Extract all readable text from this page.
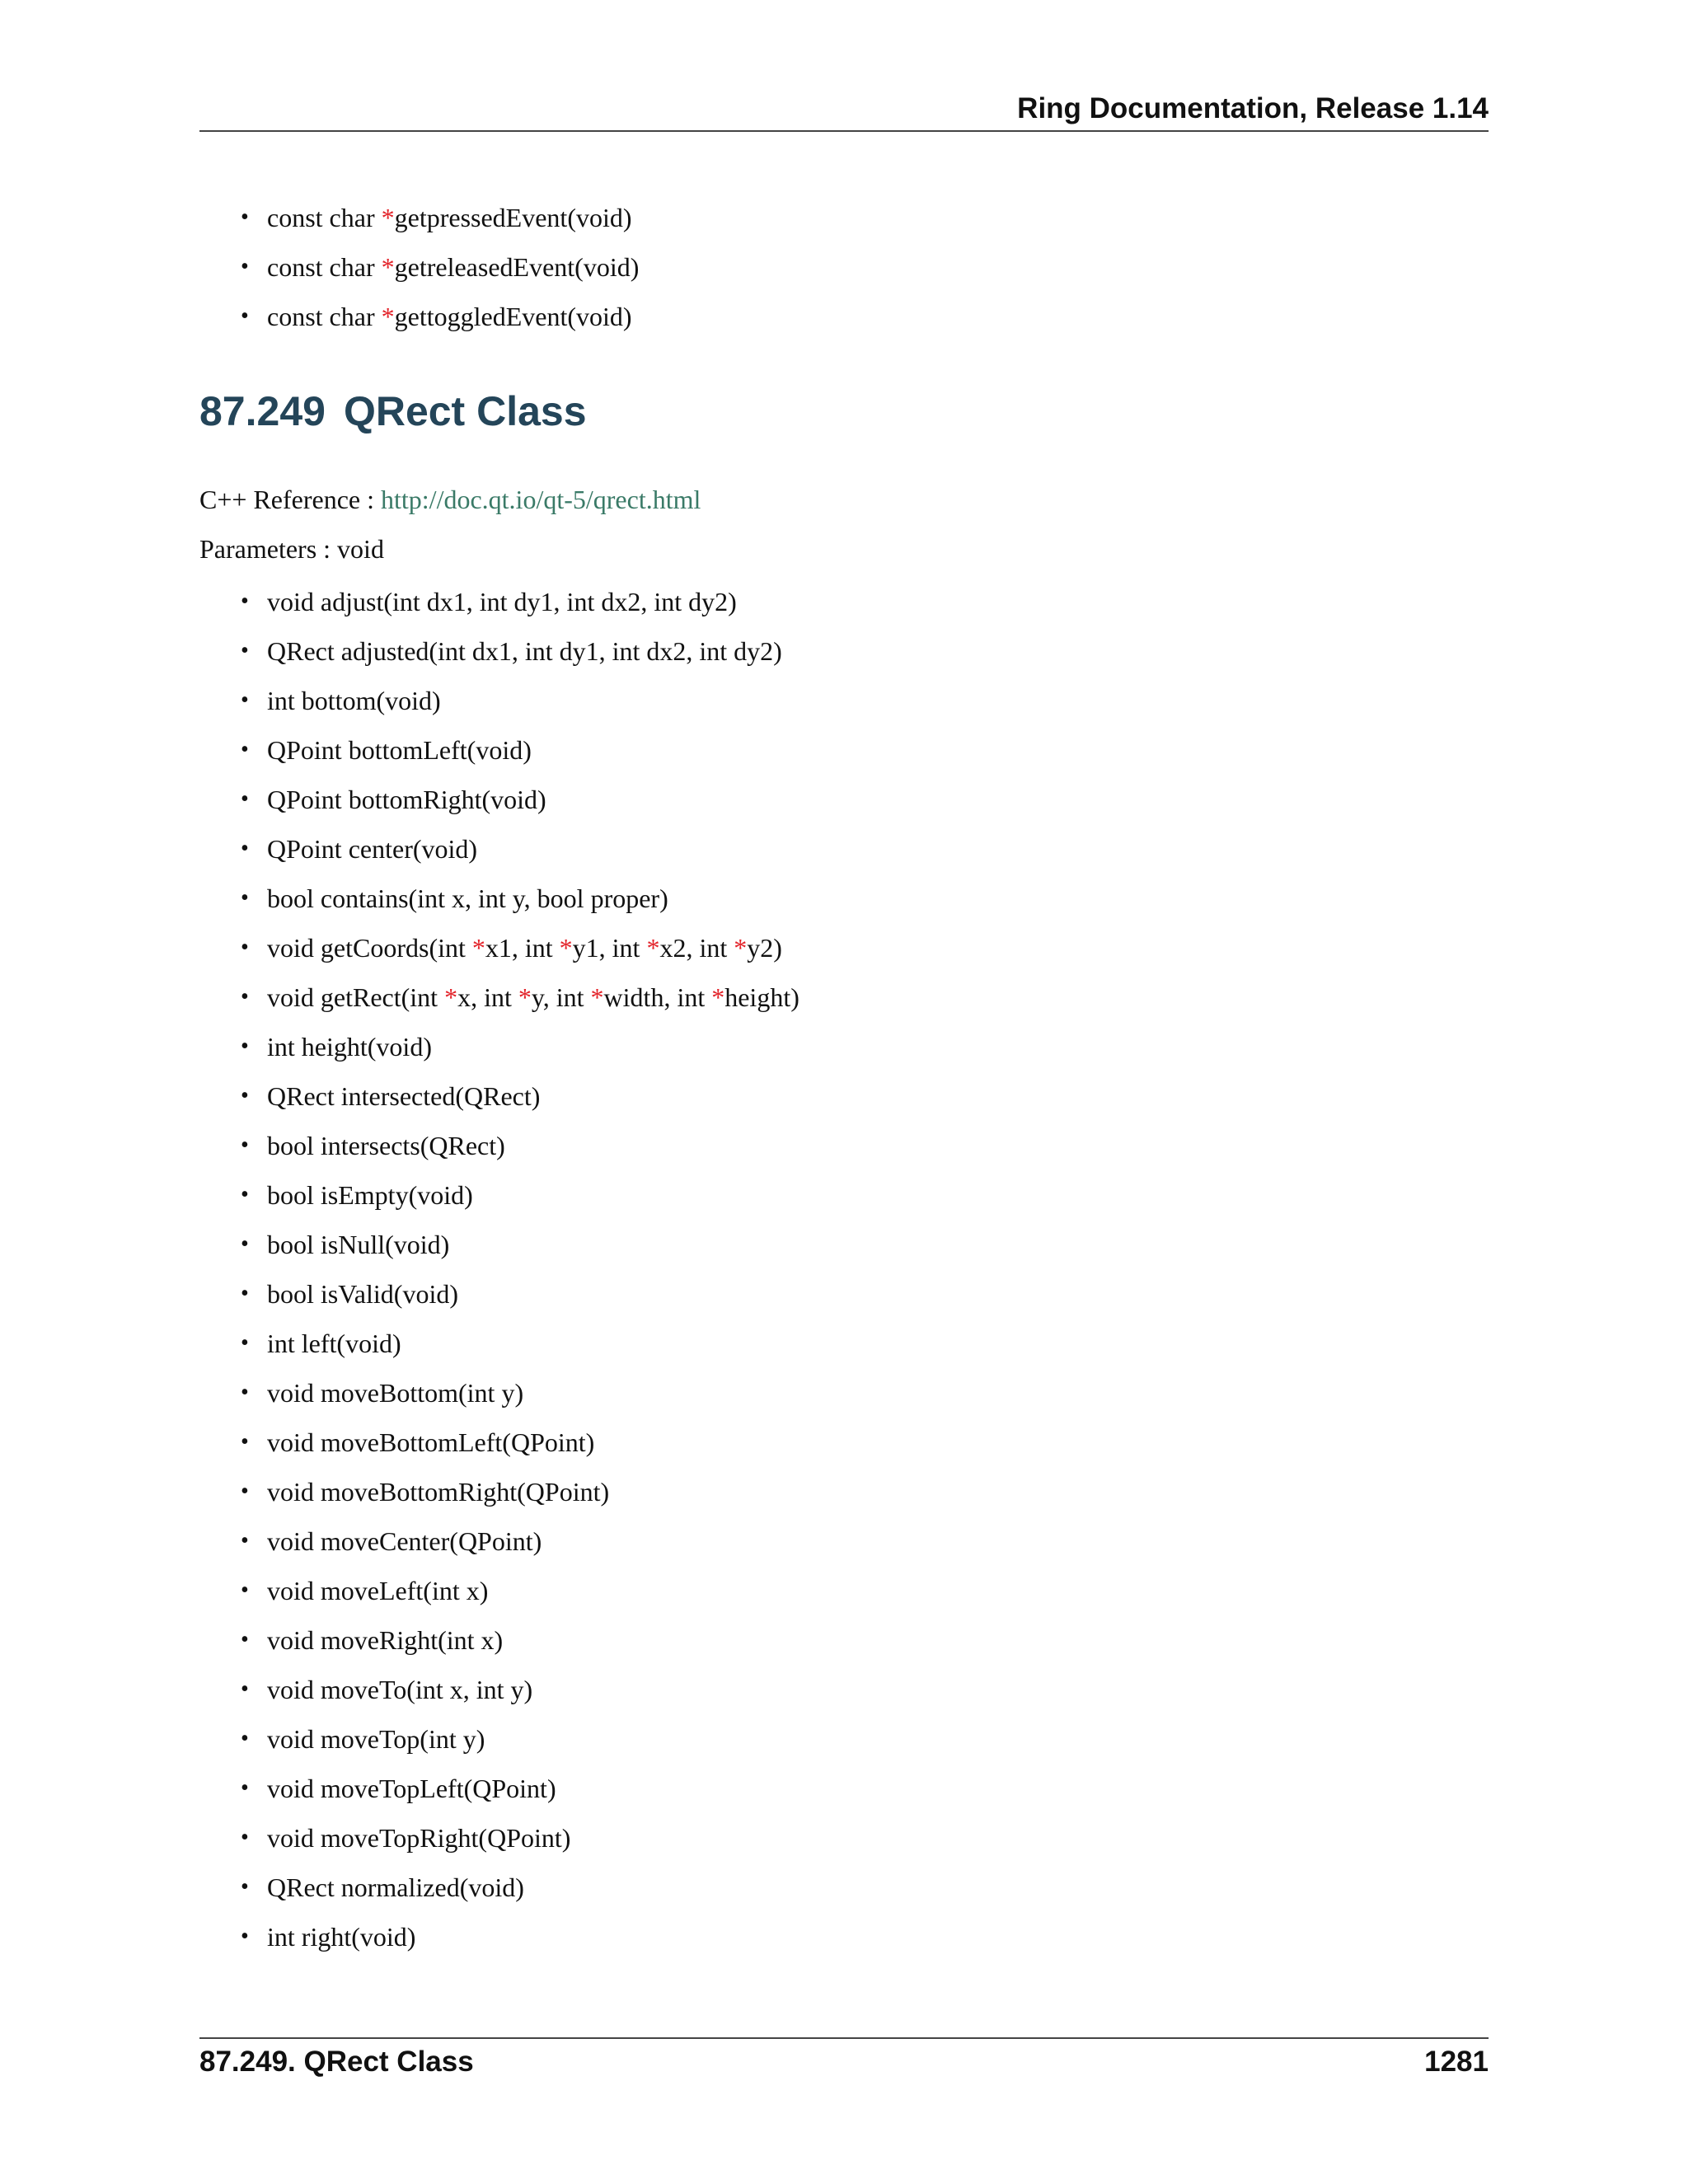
Ring Documentation, Release 1.14

• const char *getpressedEvent(void)
• const char *getreleasedEvent(void)
• const char *gettoggledEvent(void)
87.249 QRect Class

C++ Reference : http://doc.qt.io/qt-5/qrect.html

Parameters : void

• void adjust(int dx1, int dy1, int dx2, int dy2)
• QRect adjusted(int dx1, int dy1, int dx2, int dy2)
• int bottom(void)
• QPoint bottomLeft(void)
• QPoint bottomRight(void)
• QPoint center(void)
• bool contains(int x, int y, bool proper)
• void getCoords(int *x1, int *y1, int *x2, int *y2)
• void getRect(int *x, int *y, int *width, int *height)
• int height(void)
• QRect intersected(QRect)
• bool intersects(QRect)
• bool isEmpty(void)
• bool isNull(void)
• bool isValid(void)
• int left(void)
• void moveBottom(int y)
• void moveBottomLeft(QPoint)
• void moveBottomRight(QPoint)
• void moveCenter(QPoint)
• void moveLeft(int x)
• void moveRight(int x)
• void moveTo(int x, int y)
• void moveTop(int y)
• void moveTopLeft(QPoint)
• void moveTopRight(QPoint)
• QRect normalized(void)
• int right(void)
87.249. QRect Class	1281
